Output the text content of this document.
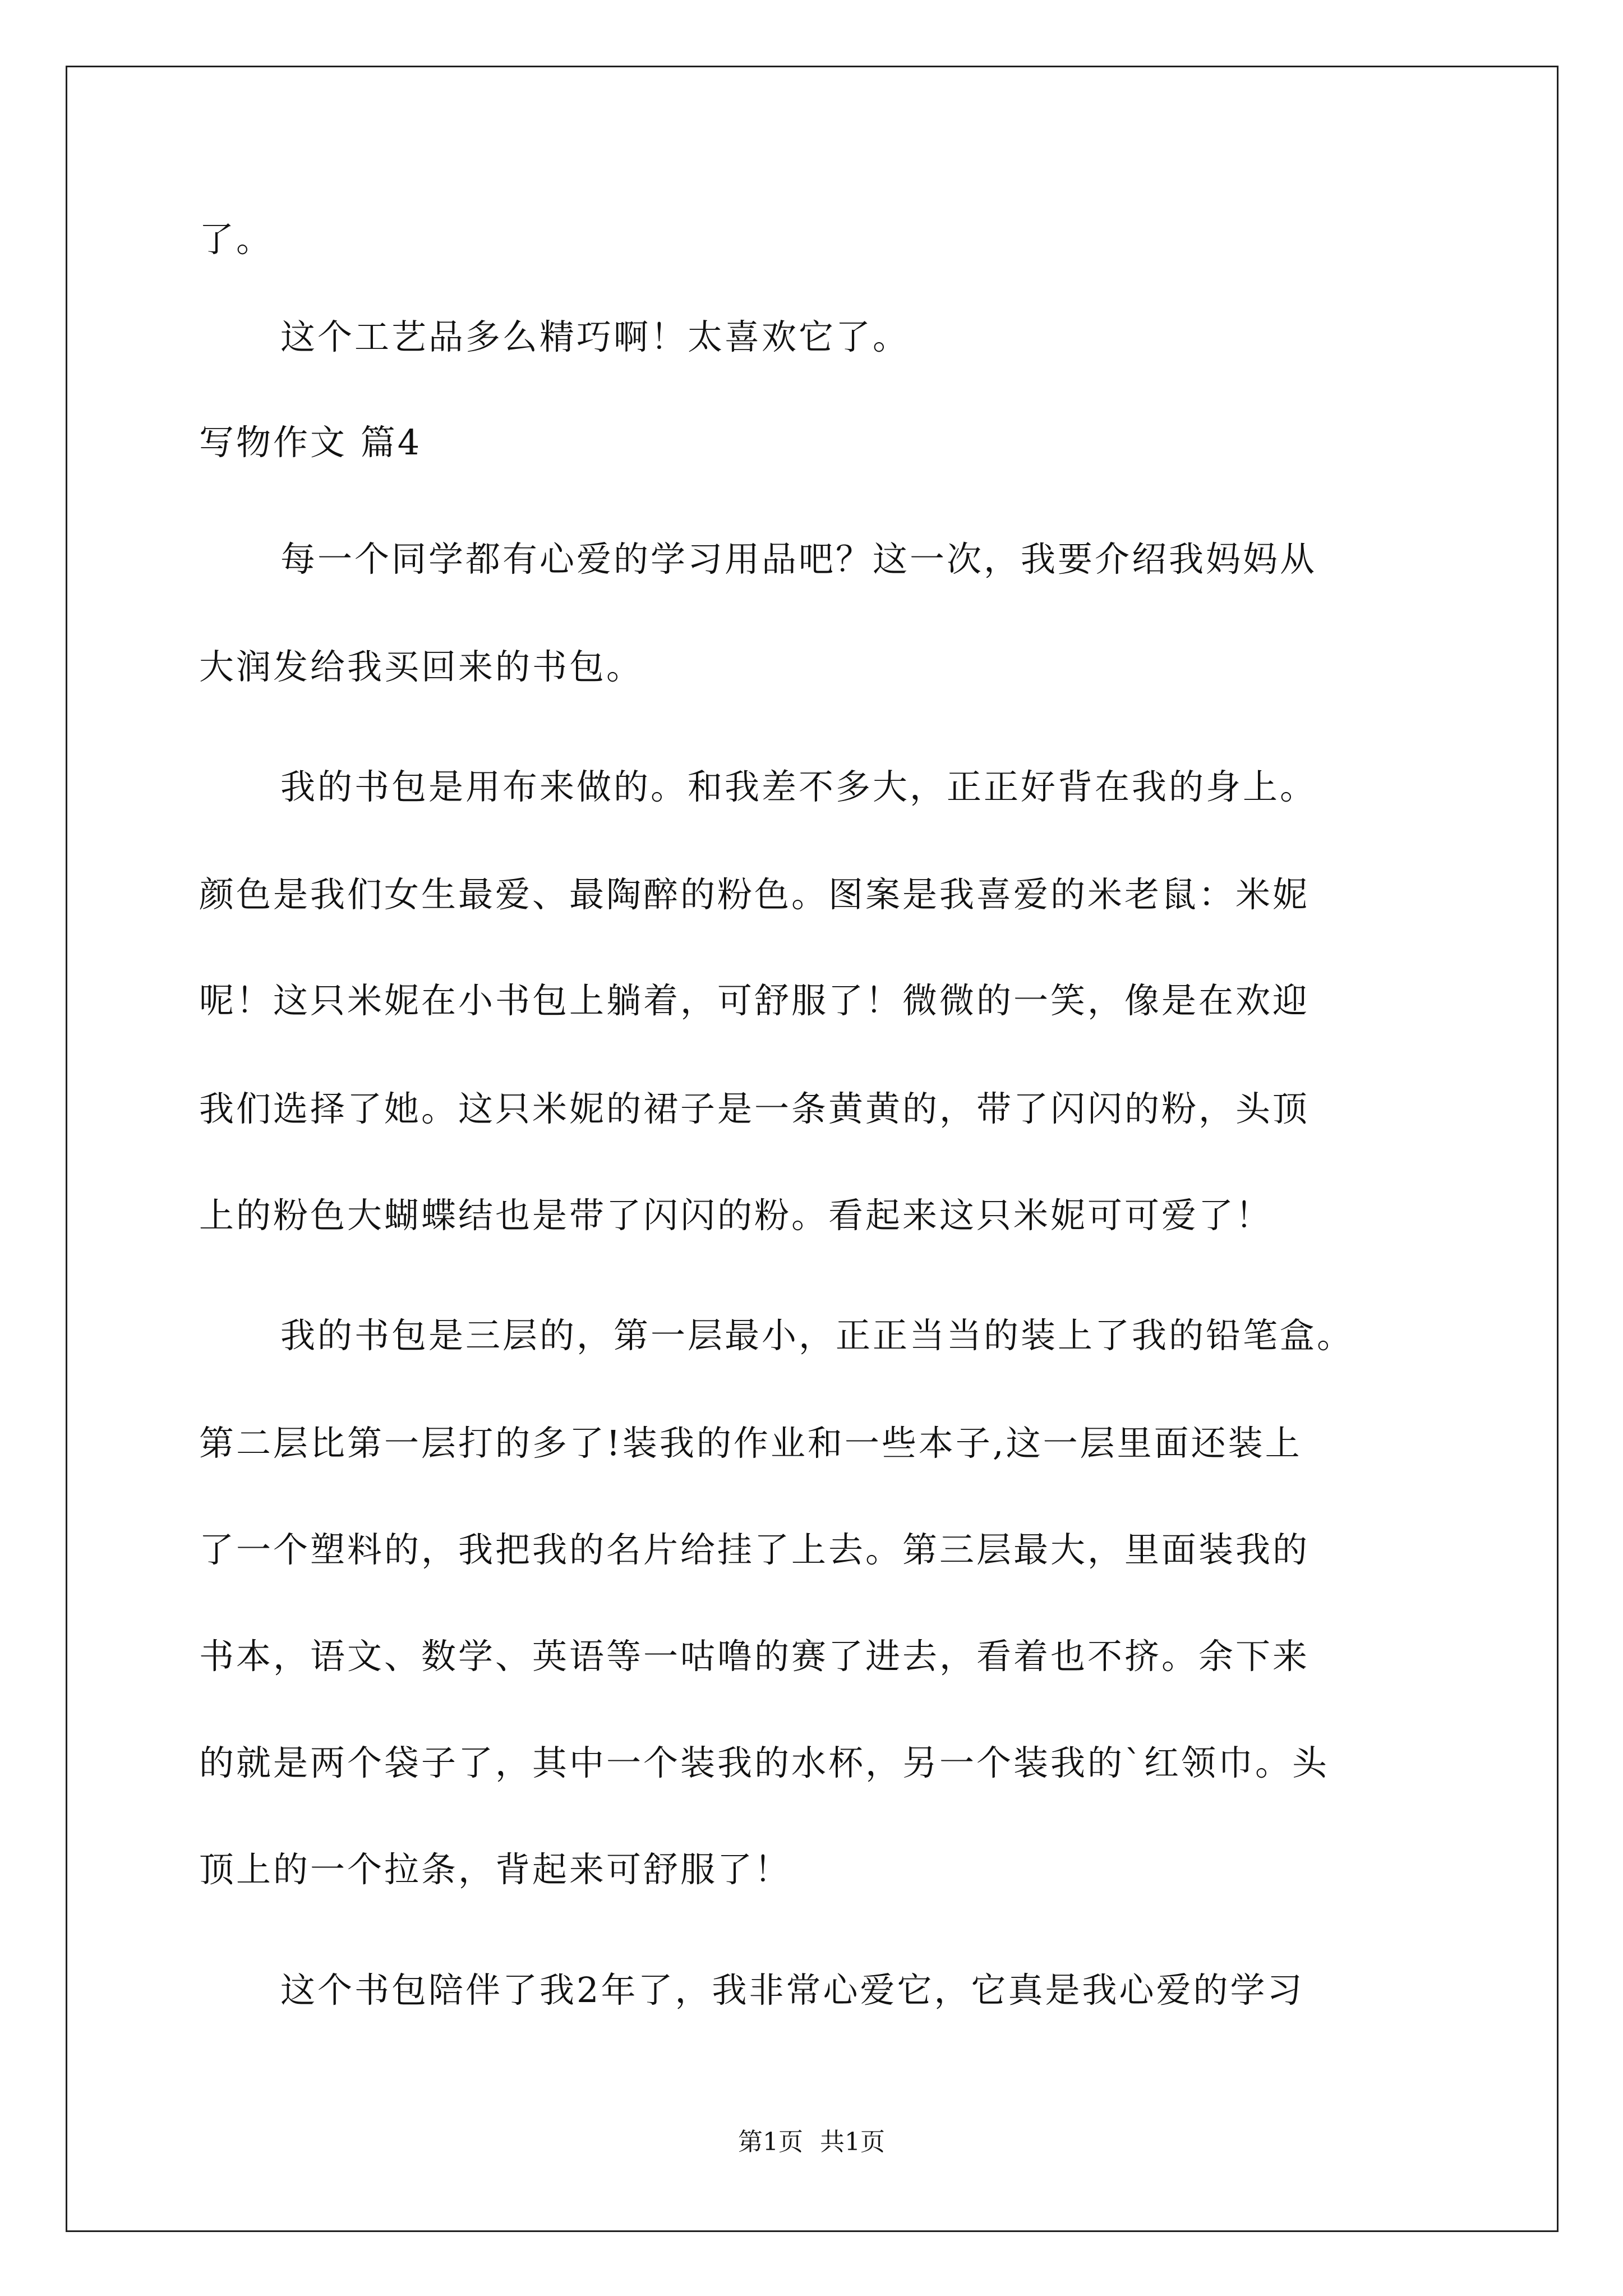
了。
这个工艺品多么精巧啊！太喜欢它了。
写物作文 篇4
每一个同学都有心爱的学习用品吧？这一次，我要介绍我妈妈从
大润发给我买回来的书包。
我的书包是用布来做的。和我差不多大，正正好背在我的身上。
颜色是我们女生最爱、最陶醉的粉色。图案是我喜爱的米老鼠：米妮
呢！这只米妮在小书包上躺着，可舒服了！微微的一笑，像是在欢迎
我们选择了她。这只米妮的裙子是一条黄黄的，带了闪闪的粉，头顶
上的粉色大蝴蝶结也是带了闪闪的粉。看起来这只米妮可可爱了！
我的书包是三层的，第一层最小，正正当当的装上了我的铅笔盒。
第二层比第一层打的多了!装我的作业和一些本子,这一层里面还装上
了一个塑料的，我把我的名片给挂了上去。第三层最大，里面装我的
书本，语文、数学、英语等一咕噜的赛了进去，看着也不挤。余下来
的就是两个袋子了，其中一个装我的水杯，另一个装我的`红领巾。头
顶上的一个拉条，背起来可舒服了！
这个书包陪伴了我2年了，我非常心爱它，它真是我心爱的学习
第1页 共1页
